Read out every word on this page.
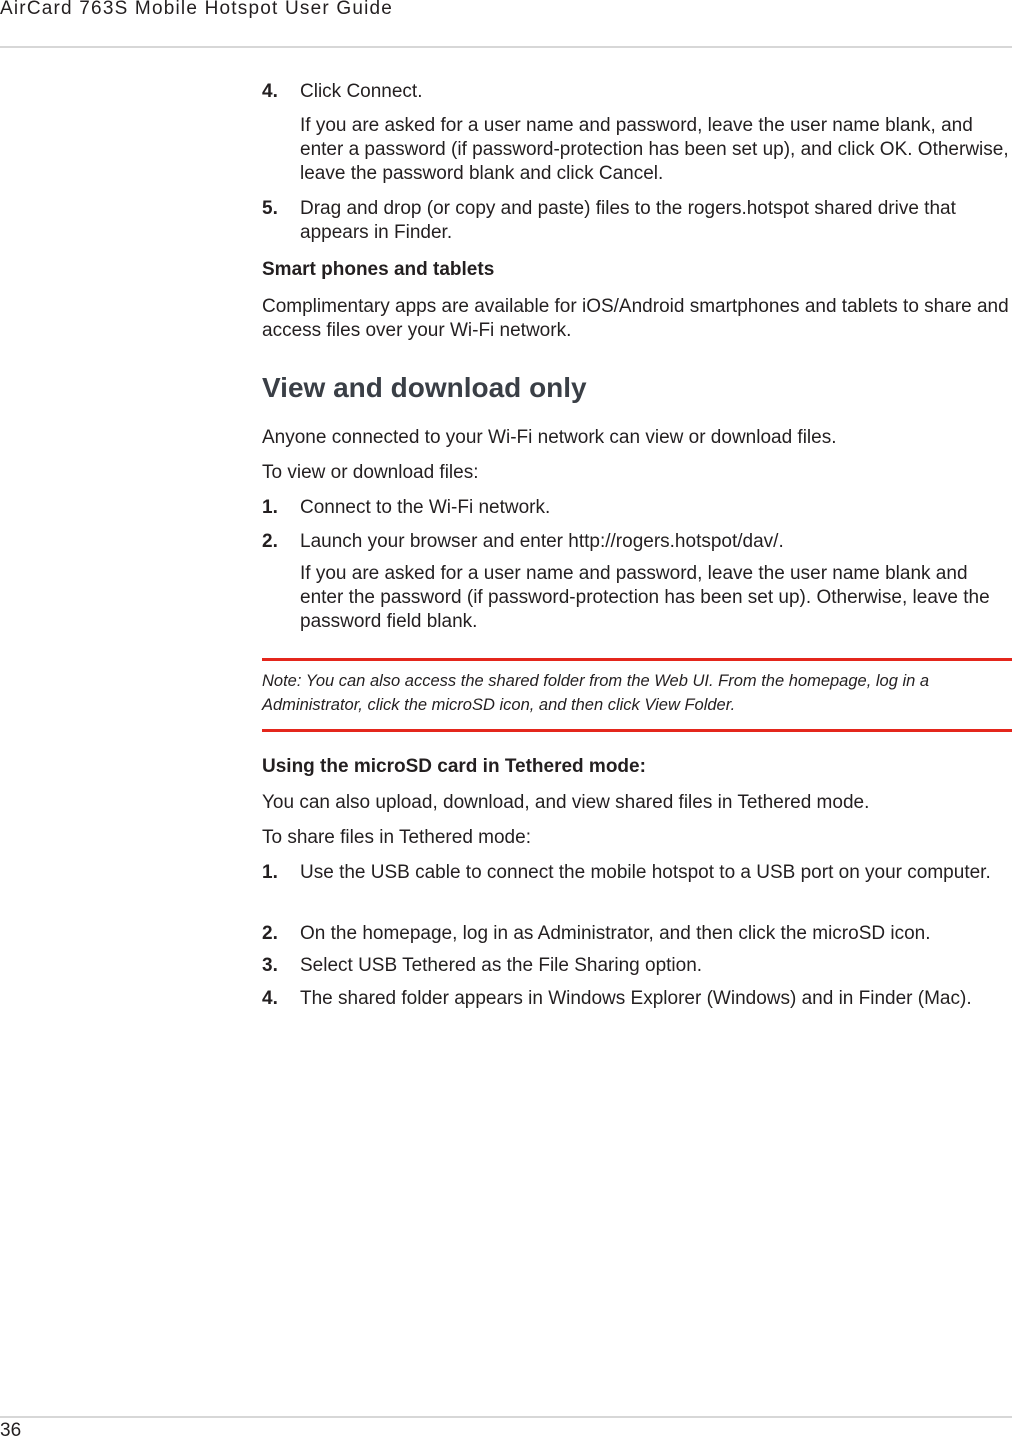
AirCard 763S Mobile Hotspot User Guide
4. Click Connect.
If you are asked for a user name and password, leave the user name blank, and enter a password (if password-protection has been set up), and click OK. Otherwise, leave the password blank and click Cancel.
5. Drag and drop (or copy and paste) files to the rogers.hotspot shared drive that appears in Finder.
Smart phones and tablets
Complimentary apps are available for iOS/Android smartphones and tablets to share and access files over your Wi-Fi network.
View and download only
Anyone connected to your Wi-Fi network can view or download files.
To view or download files:
1. Connect to the Wi-Fi network.
2. Launch your browser and enter http://rogers.hotspot/dav/.
If you are asked for a user name and password, leave the user name blank and enter the password (if password-protection has been set up). Otherwise, leave the password field blank.
Note: You can also access the shared folder from the Web UI. From the homepage, log in a Administrator, click the microSD icon, and then click View Folder.
Using the microSD card in Tethered mode:
You can also upload, download, and view shared files in Tethered mode.
To share files in Tethered mode:
1. Use the USB cable to connect the mobile hotspot to a USB port on your computer.
2. On the homepage, log in as Administrator, and then click the microSD icon.
3. Select USB Tethered as the File Sharing option.
4. The shared folder appears in Windows Explorer (Windows) and in Finder (Mac).
36
